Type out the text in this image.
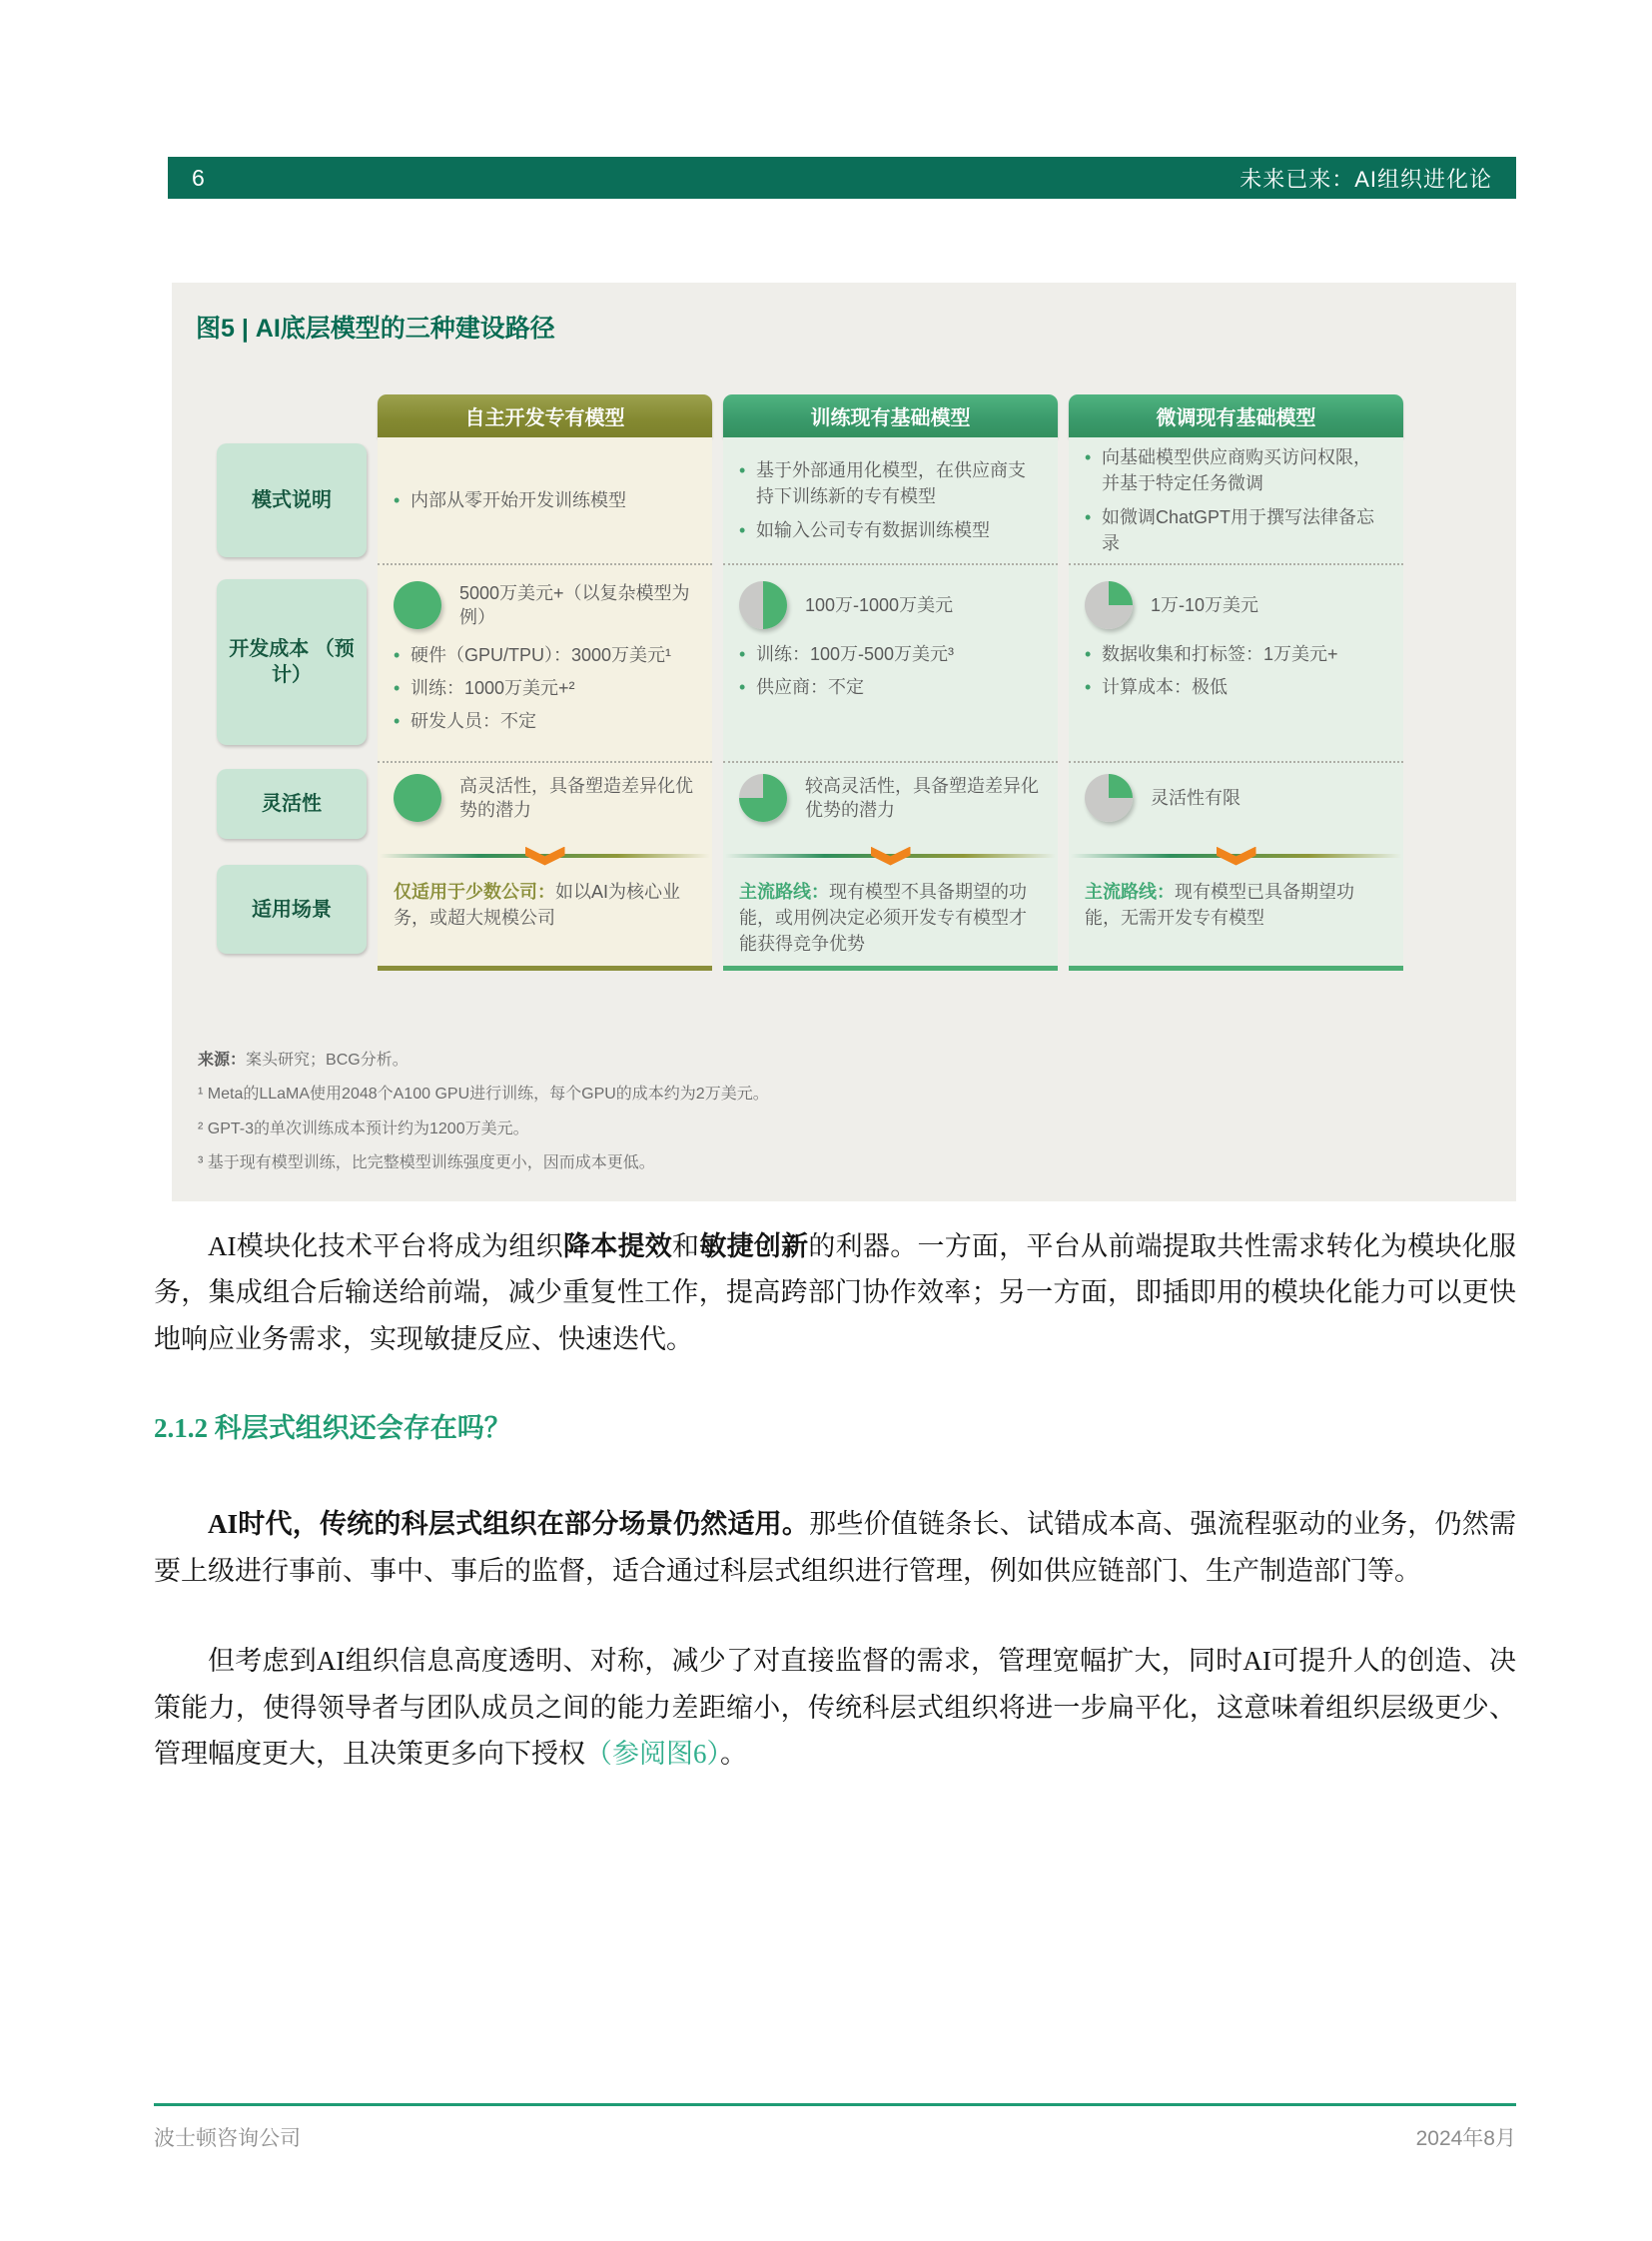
6	未来已来：AI组织进化论
图5 | AI底层模型的三种建设路径
模式说明
开发成本 （预计）
灵活性
适用场景
自主开发专有模型
• 内部从零开始开发训练模型
5000万美元+（以复杂模型为例）
• 硬件（GPU/TPU）：3000万美元¹
• 训练：1000万美元+²
• 研发人员：不定
高灵活性，具备塑造差异化优势的潜力
仅适用于少数公司：如以AI为核心业务，或超大规模公司
训练现有基础模型
• 基于外部通用化模型，在供应商支持下训练新的专有模型
• 如输入公司专有数据训练模型
100万-1000万美元
• 训练：100万-500万美元³
• 供应商：不定
较高灵活性，具备塑造差异化优势的潜力
主流路线：现有模型不具备期望的功能，或用例决定必须开发专有模型才能获得竞争优势
微调现有基础模型
• 向基础模型供应商购买访问权限，并基于特定任务微调
• 如微调ChatGPT用于撰写法律备忘录
1万-10万美元
• 数据收集和打标签：1万美元+
• 计算成本：极低
灵活性有限
主流路线：现有模型已具备期望功能，无需开发专有模型

来源：案头研究；BCG分析。

¹ Meta的LLaMA使用2048个A100 GPU进行训练，每个GPU的成本约为2万美元。

² GPT-3的单次训练成本预计约为1200万美元。

³ 基于现有模型训练，比完整模型训练强度更小，因而成本更低。

AI模块化技术平台将成为组织降本提效和敏捷创新的利器。一方面，平台从前端提取共性需求转化为模块化服务，集成组合后输送给前端，减少重复性工作，提高跨部门协作效率；另一方面，即插即用的模块化能力可以更快地响应业务需求，实现敏捷反应、快速迭代。

2.1.2 科层式组织还会存在吗？

AI时代，传统的科层式组织在部分场景仍然适用。那些价值链条长、试错成本高、强流程驱动的业务，仍然需要上级进行事前、事中、事后的监督，适合通过科层式组织进行管理，例如供应链部门、生产制造部门等。

但考虑到AI组织信息高度透明、对称，减少了对直接监督的需求，管理宽幅扩大，同时AI可提升人的创造、决策能力，使得领导者与团队成员之间的能力差距缩小，传统科层式组织将进一步扁平化，这意味着组织层级更少、管理幅度更大，且决策更多向下授权（参阅图6）。

波士顿咨询公司	2024年8月
